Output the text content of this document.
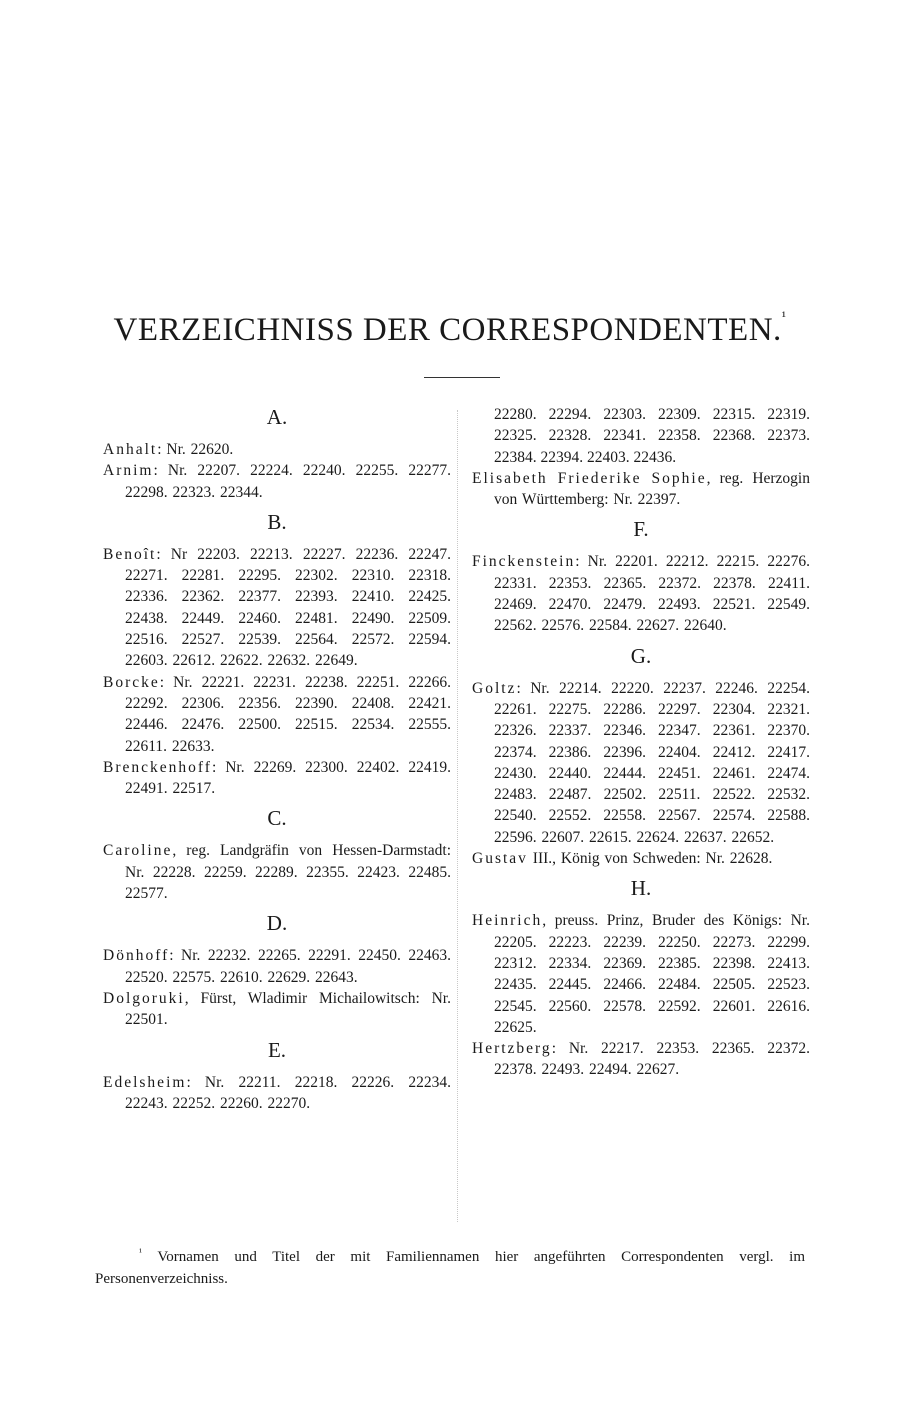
VERZEICHNISS DER CORRESPONDENTEN.$^{^1}$
A.

Anhalt: Nr. 22620.

Arnim: Nr. 22207. 22224. 22240. 22255. 22277. 22298. 22323. 22344.

B.

Benoît: Nr 22203. 22213. 22227. 22236. 22247. 22271. 22281. 22295. 22302. 22310. 22318. 22336. 22362. 22377. 22393. 22410. 22425. 22438. 22449. 22460. 22481. 22490. 22509. 22516. 22527. 22539. 22564. 22572. 22594. 22603. 22612. 22622. 22632. 22649.

Borcke: Nr. 22221. 22231. 22238. 22251. 22266. 22292. 22306. 22356. 22390. 22408. 22421. 22446. 22476. 22500. 22515. 22534. 22555. 22611. 22633.

Brenckenhoff: Nr. 22269. 22300. 22402. 22419. 22491. 22517.

C.

Caroline, reg. Landgräfin von Hessen-Darmstadt: Nr. 22228. 22259. 22289. 22355. 22423. 22485. 22577.

D.

Dönhoff: Nr. 22232. 22265. 22291. 22450. 22463. 22520. 22575. 22610. 22629. 22643.

Dolgoruki, Fürst, Wladimir Michailowitsch: Nr. 22501.

E.

Edelsheim: Nr. 22211. 22218. 22226. 22234. 22243. 22252. 22260. 22270.

22280. 22294. 22303. 22309. 22315. 22319. 22325. 22328. 22341. 22358. 22368. 22373. 22384. 22394. 22403. 22436.

Elisabeth Friederike Sophie, reg. Herzogin von Württemberg: Nr. 22397.

F.

Finckenstein: Nr. 22201. 22212. 22215. 22276. 22331. 22353. 22365. 22372. 22378. 22411. 22469. 22470. 22479. 22493. 22521. 22549. 22562. 22576. 22584. 22627. 22640.

G.

Goltz: Nr. 22214. 22220. 22237. 22246. 22254. 22261. 22275. 22286. 22297. 22304. 22321. 22326. 22337. 22346. 22347. 22361. 22370. 22374. 22386. 22396. 22404. 22412. 22417. 22430. 22440. 22444. 22451. 22461. 22474. 22483. 22487. 22502. 22511. 22522. 22532. 22540. 22552. 22558. 22567. 22574. 22588. 22596. 22607. 22615. 22624. 22637. 22652.

Gustav III., König von Schweden: Nr. 22628.

H.

Heinrich, preuss. Prinz, Bruder des Königs: Nr. 22205. 22223. 22239. 22250. 22273. 22299. 22312. 22334. 22369. 22385. 22398. 22413. 22435. 22445. 22466. 22484. 22505. 22523. 22545. 22560. 22578. 22592. 22601. 22616. 22625.

Hertzberg: Nr. 22217. 22353. 22365. 22372. 22378. 22493. 22494. 22627.

$^{^1}$ Vornamen und Titel der mit Familiennamen hier angeführten Correspondenten vergl. im Personenverzeichniss.
